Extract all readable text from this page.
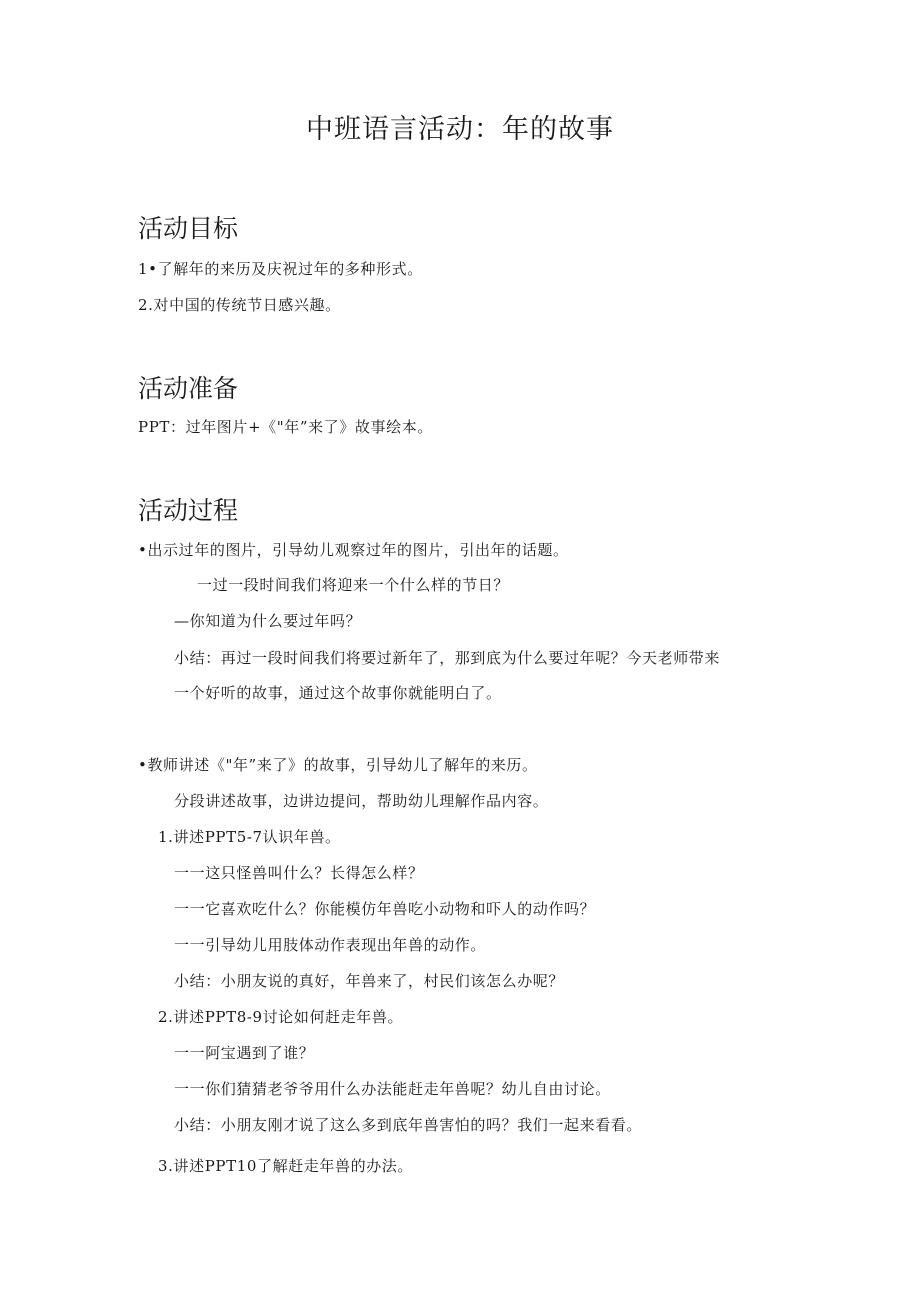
中班语言活动：年的故事
活动目标
1•了解年的来历及庆祝过年的多种形式。
2.对中国的传统节日感兴趣。
活动准备
PPT：过年图片+《"年”来了》故事绘本。
活动过程
•出示过年的图片，引导幼儿观察过年的图片，引出年的话题。
一过一段时间我们将迎来一个什么样的节日？
—你知道为什么要过年吗？
小结：再过一段时间我们将要过新年了，那到底为什么要过年呢？今天老师带来
一个好听的故事，通过这个故事你就能明白了。
•教师讲述《"年”来了》的故事，引导幼儿了解年的来历。
分段讲述故事，边讲边提问，帮助幼儿理解作品内容。
1.讲述PPT5-7认识年兽。
一一这只怪兽叫什么？长得怎么样？
一一它喜欢吃什么？你能模仿年兽吃小动物和吓人的动作吗？
一一引导幼儿用肢体动作表现出年兽的动作。
小结：小朋友说的真好，年兽来了，村民们该怎么办呢？
2.讲述PPT8-9讨论如何赶走年兽。
一一阿宝遇到了谁？
一一你们猜猜老爷爷用什么办法能赶走年兽呢？幼儿自由讨论。
小结：小朋友刚才说了这么多到底年兽害怕的吗？我们一起来看看。
3.讲述PPT10了解赶走年兽的办法。
